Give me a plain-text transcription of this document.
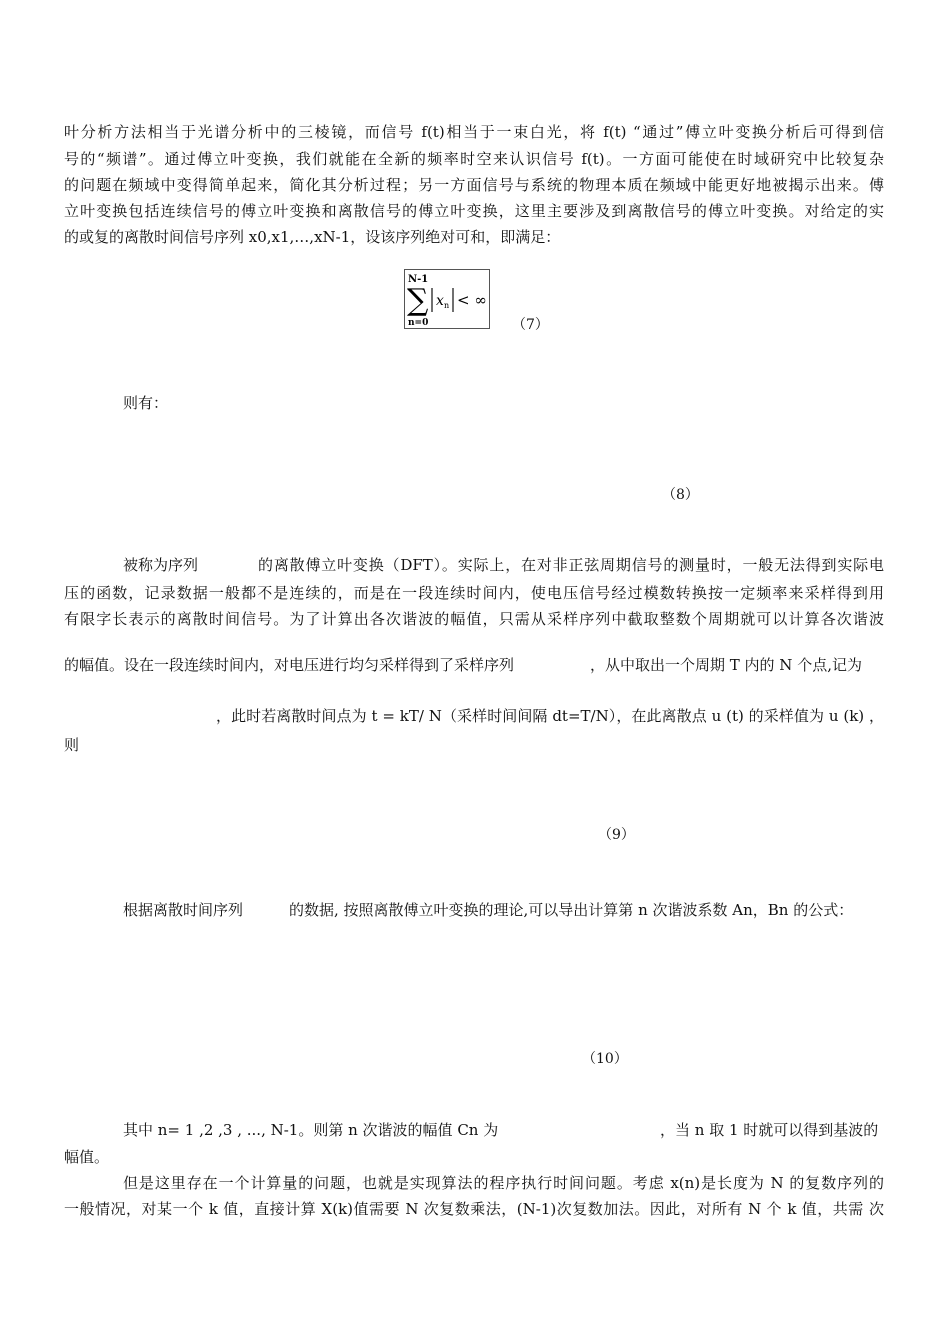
叶分析方法相当于光谱分析中的三棱镜，而信号 f(t)相当于一束白光，将 f(t) “通过”傅立叶变换分析后可得到信
号的“频谱”。通过傅立叶变换，我们就能在全新的频率时空来认识信号 f(t)。一方面可能使在时域研究中比较复杂
的问题在频域中变得简单起来，简化其分析过程；另一方面信号与系统的物理本质在频域中能更好地被揭示出来。傅
立叶变换包括连续信号的傅立叶变换和离散信号的傅立叶变换，这里主要涉及到离散信号的傅立叶变换。对给定的实
的或复的离散时间信号序列 x0,x1,…,xN-1，设该序列绝对可和，即满足：
N-1
∑
n=0
x n < ∞
（7）
则有：
（8）
被称为序列	的离散傅立叶变换（DFT）。实际上，在对非正弦周期信号的测量时，一般无法得到实际电
压的函数，记录数据一般都不是连续的，而是在一段连续时间内，使电压信号经过模数转换按一定频率来采样得到用
有限字长表示的离散时间信号。为了计算出各次谐波的幅值，只需从采样序列中截取整数个周期就可以计算各次谐波
的幅值。设在一段连续时间内，对电压进行均匀采样得到了采样序列	，从中取出一个周期 T 内的 N 个点,记为
，此时若离散时间点为 t = kT/ N（采样时间间隔 dt=T/N），在此离散点 u (t) 的采样值为 u (k) ，
则
（9）
根据离散时间序列	的数据, 按照离散傅立叶变换的理论,可以导出计算第 n 次谐波系数 An，Bn 的公式：
（10）
其中 n= 1 ,2 ,3 , ..., N-1。则第 n 次谐波的幅值 Cn 为	，当 n 取 1 时就可以得到基波的
幅值。
但是这里存在一个计算量的问题，也就是实现算法的程序执行时间问题。考虑 x(n)是长度为 N 的复数序列的
一般情况，对某一个 k 值，直接计算 X(k)值需要 N 次复数乘法，(N-1)次复数加法。因此，对所有 N 个 k 值，共需 次
